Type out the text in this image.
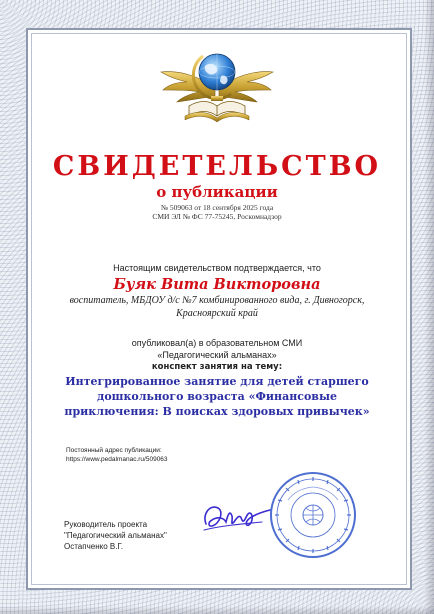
СВИДЕТЕЛЬСТВО
о публикации
№ 509063 от 18 сентября 2025 года
СМИ ЭЛ № ФС 77-75245, Роскомнадзор
Настоящим свидетельством подтверждается, что
Буяк Вита Викторовна
воспитатель, МБДОУ д/с №7 комбинированного вида, г. Дивногорск,
Красноярский край
опубликовал(а) в образовательном СМИ
«Педагогический альманах»
конспект занятия на тему:
Интегрированное занятие для детей старшего дошкольного возраста «Финансовые приключения: В поисках здоровых привычек»
Постоянный адрес публикации:
https://www.pedalmanac.ru/509063
Руководитель проекта
"Педагогический альманах"
Остапченко В.Г.
